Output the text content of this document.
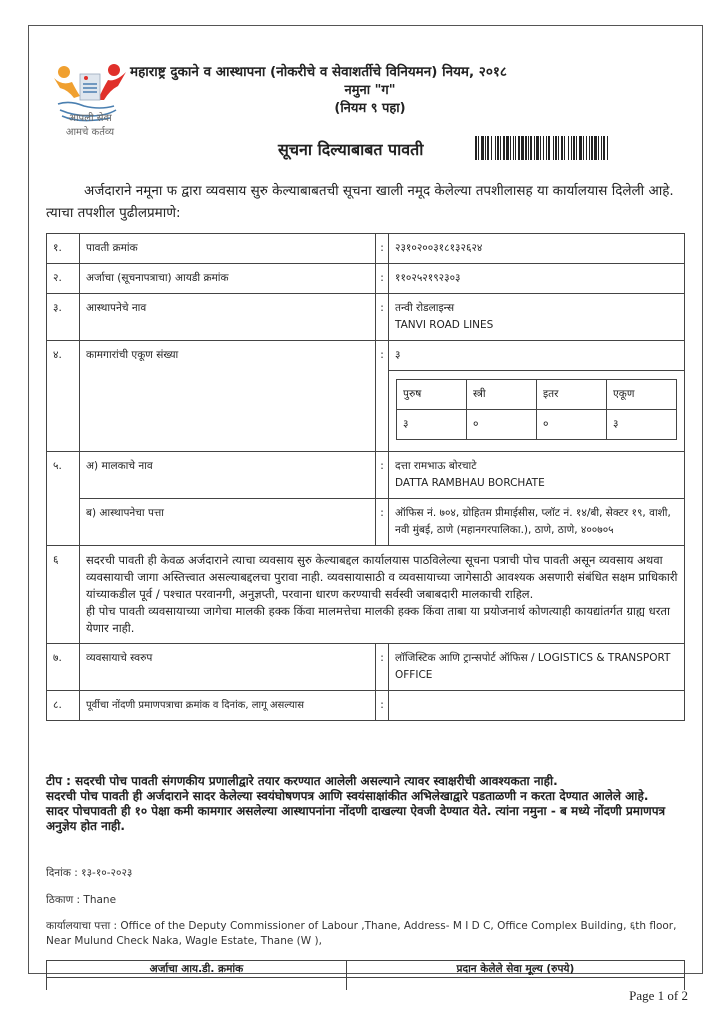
आपली सेवा
आमचे कर्तव्य
महाराष्ट्र दुकाने व आस्थापना (नोकरीचे व सेवाशर्तीचे विनियमन) नियम, २०१८
नमुना "ग"
(नियम ९ पहा)
सूचना दिल्याबाबत पावती
अर्जदाराने नमूना फ द्वारा व्यवसाय सुरु केल्याबाबतची सूचना खाली नमूद केलेल्या तपशीलासह या कार्यालयास दिलेली आहे. त्याचा तपशील पुढीलप्रमाणे:
१.	पावती क्रमांक	:	२३१०२००३१८१३२६२४
२.	अर्जाचा (सूचनापत्राचा) आयडी क्रमांक	:	११०२५२१९२३०३
३.	आस्थापनेचे नाव	:	तन्वी रोडलाइन्स
TANVI ROAD LINES

४.	कामगारांची एकूण संख्या	:	३
पुरुष	स्त्री	इतर	एकूण
३	०	०	३

५.	अ) मालकाचे नाव	:	दत्ता रामभाऊ बोरचाटे
DATTA RAMBHAU BORCHATE

ब) आस्थापनेचा पत्ता	:	ऑफिस नं. ७०४, ग्रोहितम प्रीमाईसीस, प्लॉट नं. १४/बी, सेक्टर १९, वाशी, नवी मुंबई, ठाणे (महानगरपालिका.), ठाणे, ठाणे, ४००७०५
६	सदरची पावती ही केवळ अर्जदाराने त्याचा व्यवसाय सुरु केल्याबद्दल कार्यालयास पाठविलेल्या सूचना पत्राची पोच पावती असून व्यवसाय अथवा व्यवसायाची जागा अस्तित्त्वात असल्याबद्दलचा पुरावा नाही. व्यवसायासाठी व व्यवसायाच्या जागेसाठी आवश्यक असणारी संबंधित सक्षम प्राधिकारी यांच्याकडील पूर्व / पश्चात परवानगी, अनुज्ञप्ती, परवाना धारण करण्याची सर्वस्वी जबाबदारी मालकाची राहिल.
ही पोच पावती व्यवसायाच्या जागेचा मालकी हक्क किंवा मालमत्तेचा मालकी हक्क किंवा ताबा या प्रयोजनार्थ कोणत्याही कायद्यांतर्गत ग्राह्य धरता येणार नाही.

७.	व्यवसायाचे स्वरुप	:	लॉजिस्टिक आणि ट्रान्सपोर्ट ऑफिस / LOGISTICS & TRANSPORT OFFICE
८.	पूर्वीचा नोंदणी प्रमाणपत्राचा क्रमांक व दिनांक, लागू असल्यास	:	
टीप : सदरची पोच पावती संगणकीय प्रणालीद्वारे तयार करण्यात आलेली असल्याने त्यावर स्वाक्षरीची आवश्यकता नाही.
सदरची पोच पावती ही अर्जदाराने सादर केलेल्या स्वयंघोषणपत्र आणि स्वयंसाक्षांकीत अभिलेखाद्वारे पडताळणी न करता देण्यात आलेले आहे.
सादर पोचपावती ही १० पेक्षा कमी कामगार असलेल्या आस्थापनांना नोंदणी दाखल्या ऐवजी देण्यात येते. त्यांना नमुना - ब मध्ये नोंदणी प्रमाणपत्र अनुज्ञेय होत नाही.
दिनांक : १३-१०-२०२३
ठिकाण : Thane
कार्यालयाचा पत्ता : Office of the Deputy Commissioner of Labour ,Thane, Address- M I D C, Office Complex Building, ६th floor, Near Mulund Check Naka, Wagle Estate, Thane (W ),
अर्जाचा आय.डी. क्रमांक	प्रदान केलेले सेवा मूल्य (रुपये)

Page 1 of 2
